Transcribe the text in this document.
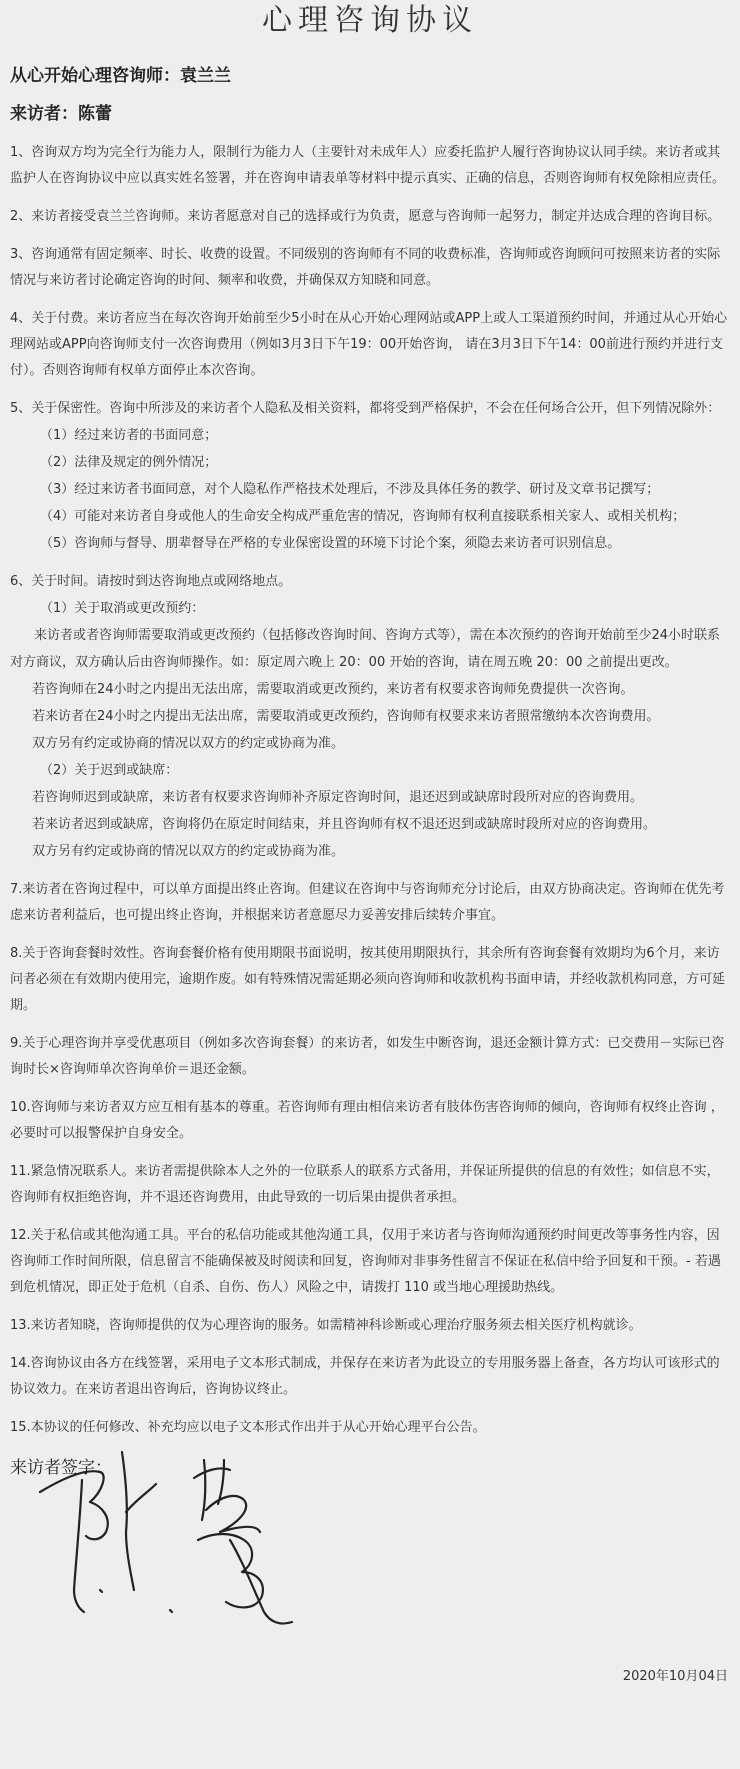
心理咨询协议
从心开始心理咨询师：袁兰兰
来访者：陈蕾
1、咨询双方均为完全行为能力人，限制行为能力人（主要针对未成年人）应委托监护人履行咨询协议认同手续。来访者或其监护人在咨询协议中应以真实姓名签署，并在咨询申请表单等材料中提示真实、正确的信息，否则咨询师有权免除相应责任。
2、来访者接受袁兰兰咨询师。来访者愿意对自己的选择或行为负责，愿意与咨询师一起努力，制定并达成合理的咨询目标。
3、咨询通常有固定频率、时长、收费的设置。不同级别的咨询师有不同的收费标准，咨询师或咨询顾问可按照来访者的实际情况与来访者讨论确定咨询的时间、频率和收费，并确保双方知晓和同意。
4、关于付费。来访者应当在每次咨询开始前至少5小时在从心开始心理网站或APP上或人工渠道预约时间，并通过从心开始心理网站或APP向咨询师支付一次咨询费用（例如3月3日下午19：00开始咨询， 请在3月3日下午14：00前进行预约并进行支付）。否则咨询师有权单方面停止本次咨询。
5、关于保密性。咨询中所涉及的来访者个人隐私及相关资料，都将受到严格保护，不会在任何场合公开，但下列情况除外：
（1）经过来访者的书面同意；
（2）法律及规定的例外情况；
（3）经过来访者书面同意，对个人隐私作严格技术处理后，不涉及具体任务的教学、研讨及文章书记撰写；
（4）可能对来访者自身或他人的生命安全构成严重危害的情况，咨询师有权利直接联系相关家人、或相关机构；
（5）咨询师与督导、朋辈督导在严格的专业保密设置的环境下讨论个案，须隐去来访者可识别信息。
6、关于时间。请按时到达咨询地点或网络地点。
（1）关于取消或更改预约：
来访者或者咨询师需要取消或更改预约（包括修改咨询时间、咨询方式等），需在本次预约的咨询开始前至少24小时联系对方商议，双方确认后由咨询师操作。如：原定周六晚上 20：00 开始的咨询，请在周五晚 20：00 之前提出更改。
若咨询师在24小时之内提出无法出席，需要取消或更改预约，来访者有权要求咨询师免费提供一次咨询。
若来访者在24小时之内提出无法出席，需要取消或更改预约，咨询师有权要求来访者照常缴纳本次咨询费用。
双方另有约定或协商的情况以双方的约定或协商为准。
（2）关于迟到或缺席：
若咨询师迟到或缺席，来访者有权要求咨询师补齐原定咨询时间，退还迟到或缺席时段所对应的咨询费用。
若来访者迟到或缺席，咨询将仍在原定时间结束，并且咨询师有权不退还迟到或缺席时段所对应的咨询费用。
双方另有约定或协商的情况以双方的约定或协商为准。
7.来访者在咨询过程中，可以单方面提出终止咨询。但建议在咨询中与咨询师充分讨论后，由双方协商决定。咨询师在优先考虑来访者利益后，也可提出终止咨询，并根据来访者意愿尽力妥善安排后续转介事宜。
8.关于咨询套餐时效性。咨询套餐价格有使用期限书面说明，按其使用期限执行，其余所有咨询套餐有效期均为6个月，来访问者必须在有效期内使用完，逾期作废。如有特殊情况需延期必须向咨询师和收款机构书面申请，并经收款机构同意，方可延期。
9.关于心理咨询并享受优惠项目（例如多次咨询套餐）的来访者，如发生中断咨询，退还金额计算方式：已交费用－实际已咨询时长×咨询师单次咨询单价＝退还金额。
10.咨询师与来访者双方应互相有基本的尊重。若咨询师有理由相信来访者有肢体伤害咨询师的倾向，咨询师有权终止咨询 ， 必要时可以报警保护自身安全。
11.紧急情况联系人。来访者需提供除本人之外的一位联系人的联系方式备用，并保证所提供的信息的有效性；如信息不实，咨询师有权拒绝咨询，并不退还咨询费用，由此导致的一切后果由提供者承担。
12.关于私信或其他沟通工具。平台的私信功能或其他沟通工具，仅用于来访者与咨询师沟通预约时间更改等事务性内容，因咨询师工作时间所限，信息留言不能确保被及时阅读和回复，咨询师对非事务性留言不保证在私信中给予回复和干预。- 若遇到危机情况，即正处于危机（自杀、自伤、伤人）风险之中，请拨打 110 或当地心理援助热线。
13.来访者知晓，咨询师提供的仅为心理咨询的服务。如需精神科诊断或心理治疗服务须去相关医疗机构就诊。
14.咨询协议由各方在线签署，采用电子文本形式制成，并保存在来访者为此设立的专用服务器上备查，各方均认可该形式的协议效力。在来访者退出咨询后，咨询协议终止。
15.本协议的任何修改、补充均应以电子文本形式作出并于从心开始心理平台公告。
来访者签字：
2020年10月04日
